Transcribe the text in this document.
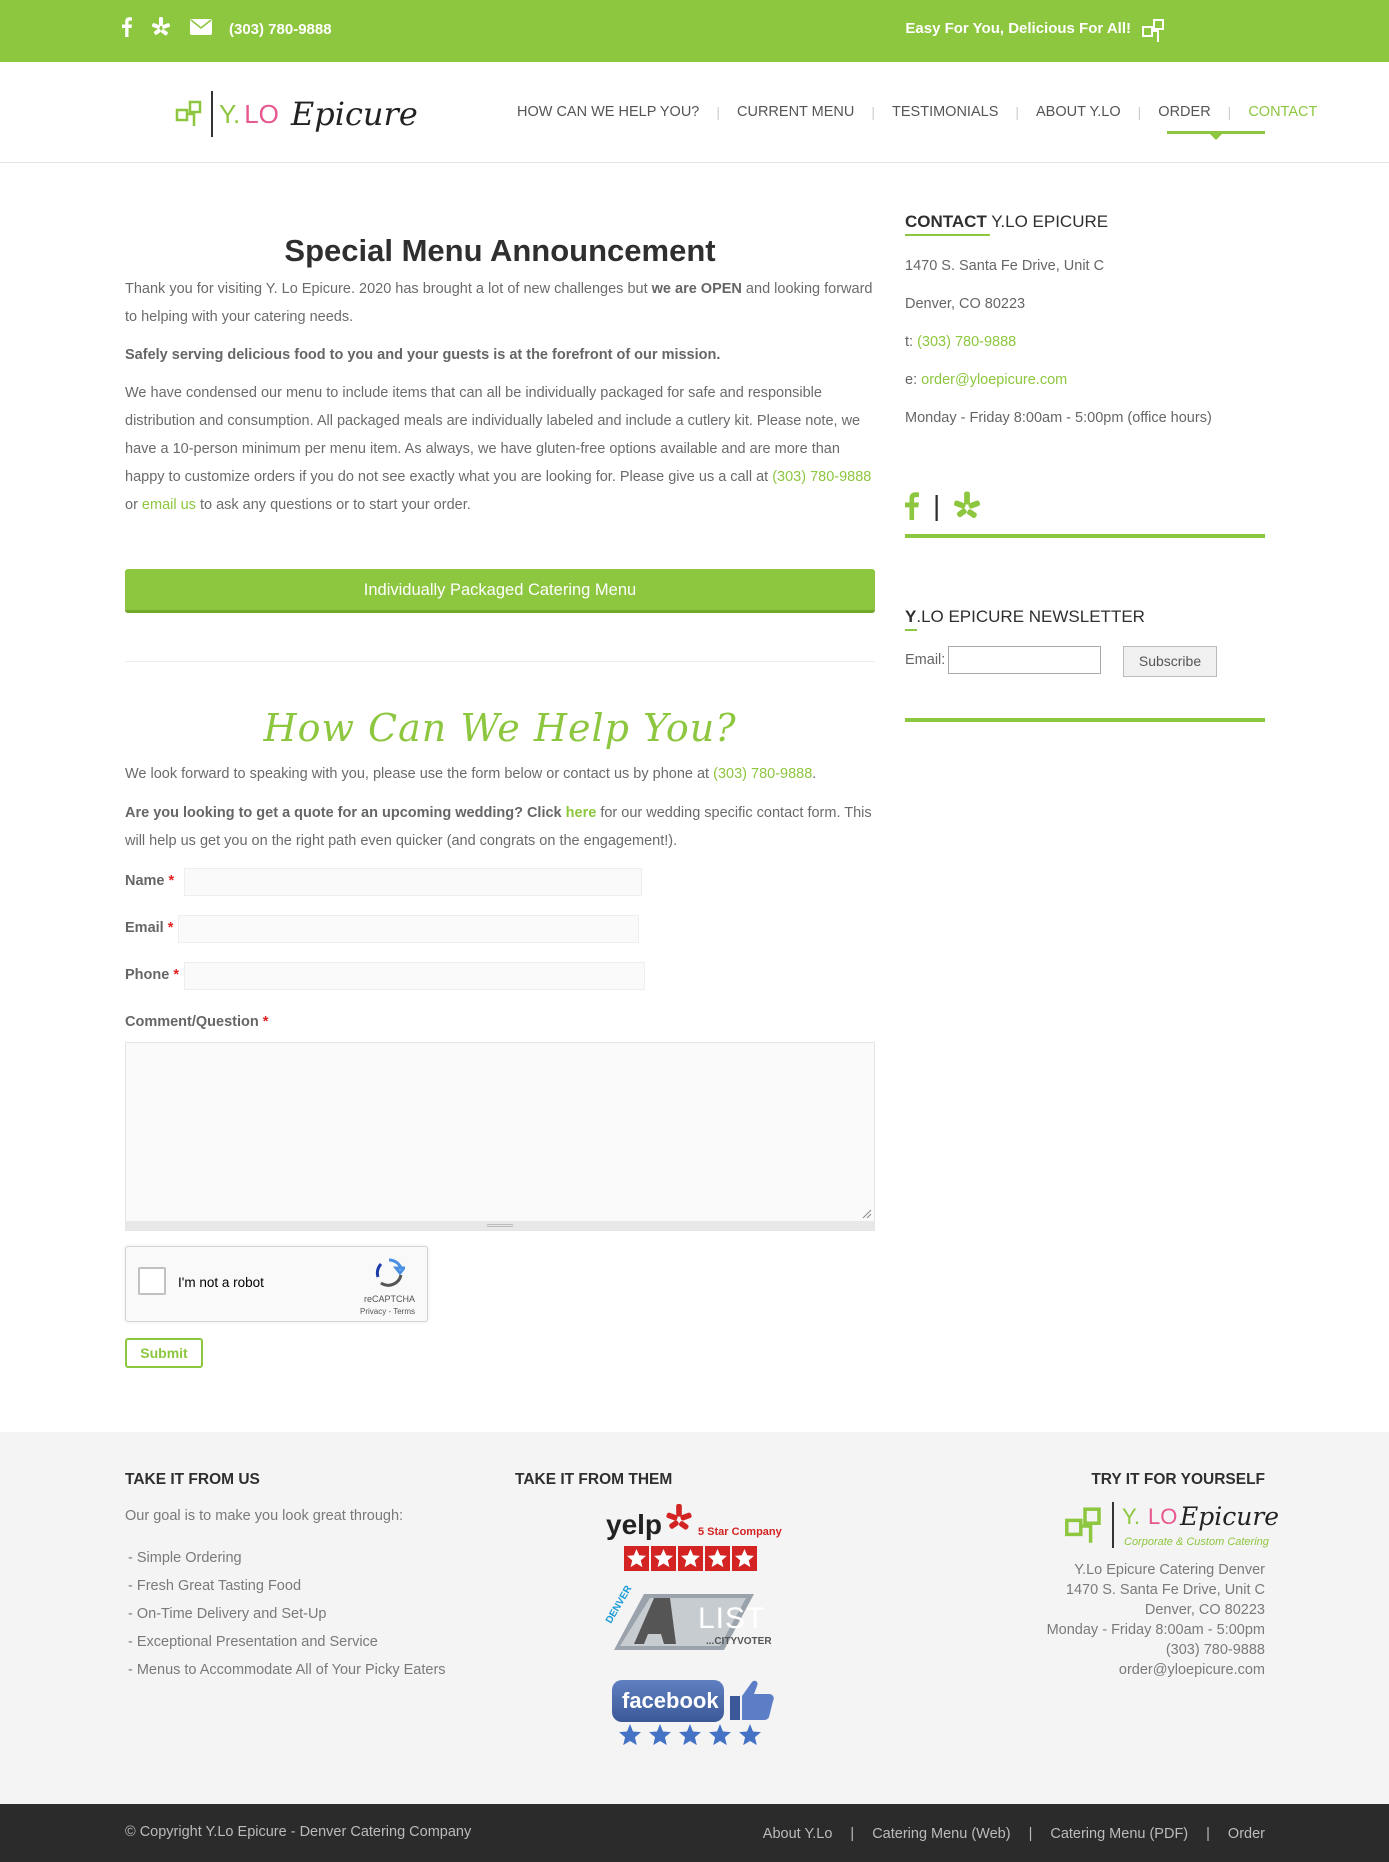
(303) 780-9888	Easy For You, Delicious For All!
Y. LO Epicure	HOW CAN WE HELP YOU?	|	CURRENT MENU	|	TESTIMONIALS	|	ABOUT Y.LO	|	ORDER	|	CONTACT
Special Menu Announcement

Thank you for visiting Y. Lo Epicure. 2020 has brought a lot of new challenges but we are OPEN and looking forward to helping with your catering needs.

Safely serving delicious food to you and your guests is at the forefront of our mission.

We have condensed our menu to include items that can all be individually packaged for safe and responsible distribution and consumption. All packaged meals are individually labeled and include a cutlery kit. Please note, we have a 10-person minimum per menu item. As always, we have gluten-free options available and are more than happy to customize orders if you do not see exactly what you are looking for. Please give us a call at (303) 780-9888 or email us to ask any questions or to start your order.

Individually Packaged Catering Menu
How Can We Help You?

We look forward to speaking with you, please use the form below or contact us by phone at (303) 780-9888.

Are you looking to get a quote for an upcoming wedding? Click here for our wedding specific contact form. This will help us get you on the right path even quicker (and congrats on the engagement!).

Name *
Email *
Phone *
Comment/Question *
I'm not a robot
reCAPTCHA
Privacy - Terms
Submit
CONTACT Y.LO EPICURE
1470 S. Santa Fe Drive, Unit C
Denver, CO 80223
t: (303) 780-9888
e: order@yloepicure.com
Monday - Friday 8:00am - 5:00pm (office hours)
|
Y.LO EPICURE NEWSLETTER
Email:	Subscribe
TAKE IT FROM US
Our goal is to make you look great through:
- Simple Ordering
- Fresh Great Tasting Food
- On-Time Delivery and Set-Up
- Exceptional Presentation and Service
- Menus to Accommodate All of Your Picky Eaters
TAKE IT FROM THEM
yelp	5 Star Company
DENVER LIST
...CITYVOTER
facebook
TRY IT FOR YOURSELF
Y. LO Epicure
Corporate & Custom Catering
Y.Lo Epicure Catering Denver
1470 S. Santa Fe Drive, Unit C
Denver, CO 80223
Monday - Friday 8:00am - 5:00pm
(303) 780-9888
order@yloepicure.com
© Copyright Y.Lo Epicure - Denver Catering Company	About Y.Lo | Catering Menu (Web) | Catering Menu (PDF) | Order
